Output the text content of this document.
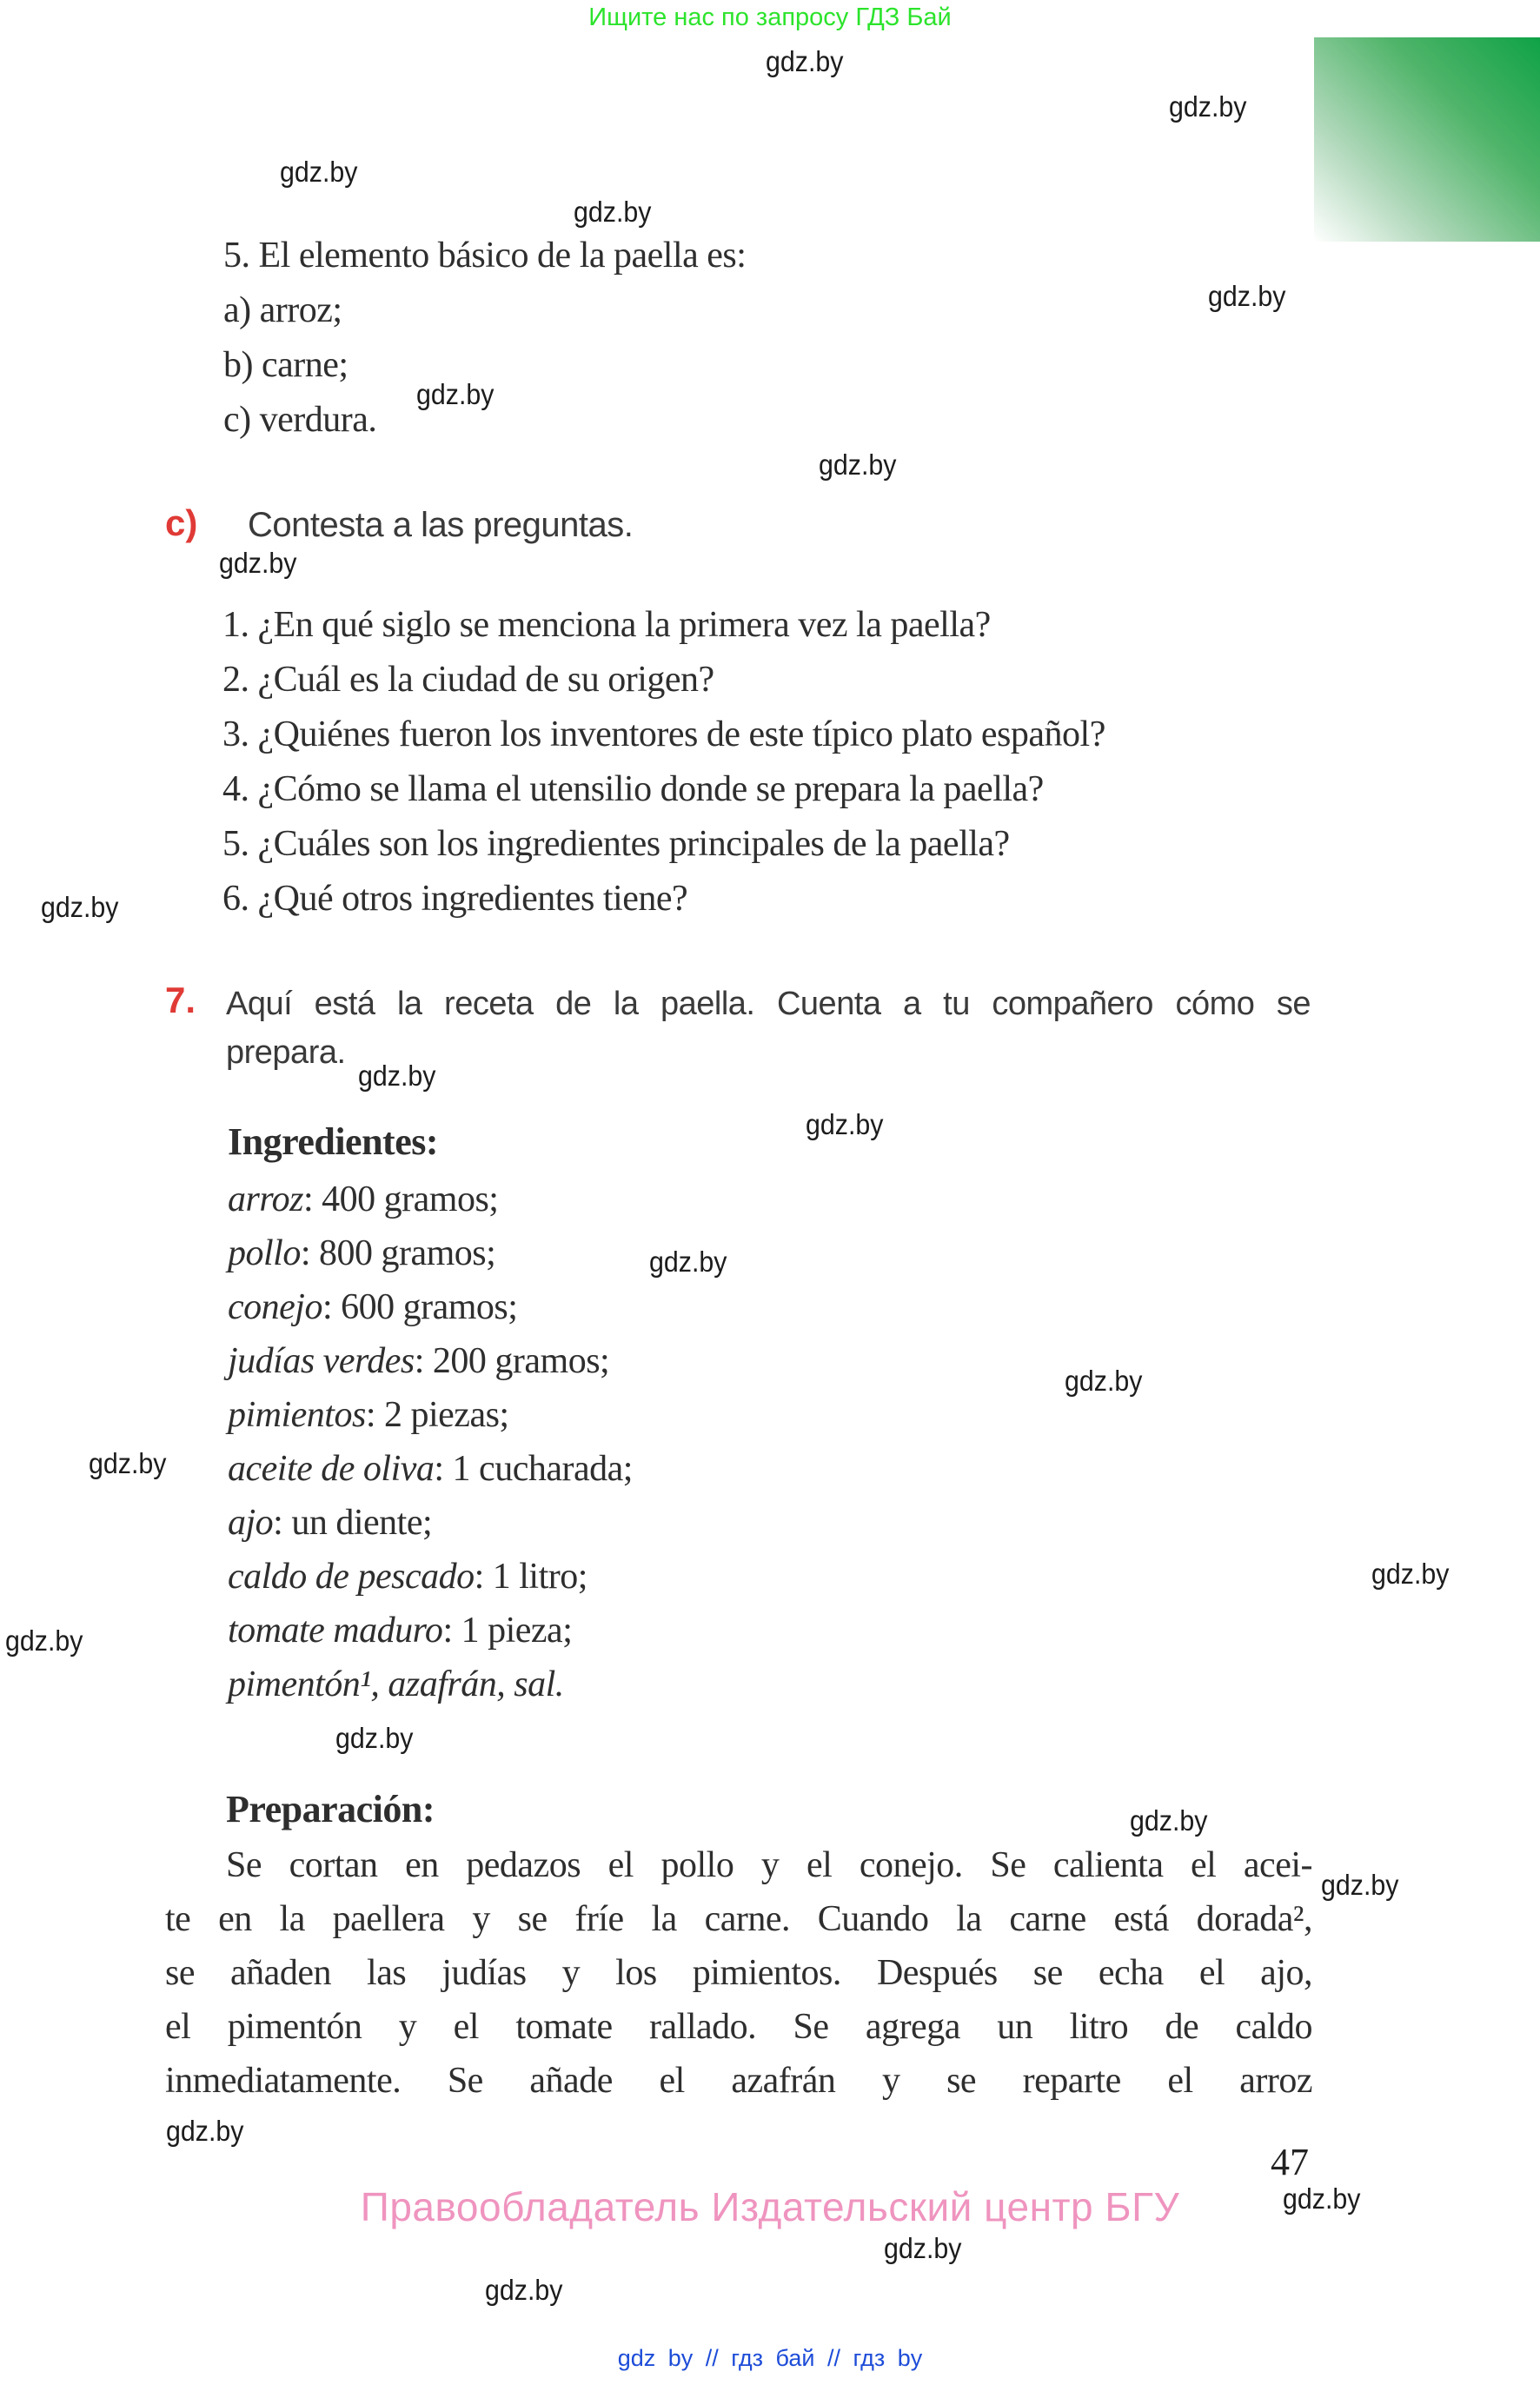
Ищите нас по запросу ГДЗ Бай
5. El elemento básico de la paella es:
a) arroz;
b) carne;
c) verdura.
c) Contesta a las preguntas.
1. ¿En qué siglo se menciona la primera vez la paella?
2. ¿Cuál es la ciudad de su origen?
3. ¿Quiénes fueron los inventores de este típico plato español?
4. ¿Cómo se llama el utensilio donde se prepara la paella?
5. ¿Cuáles son los ingredientes principales de la paella?
6. ¿Qué otros ingredientes tiene?
7. Aquí está la receta de la paella. Cuenta a tu compañero cómo se
prepara.
Ingredientes:
arroz: 400 gramos;
pollo: 800 gramos;
conejo: 600 gramos;
judías verdes: 200 gramos;
pimientos: 2 piezas;
aceite de oliva: 1 cucharada;
ajo: un diente;
caldo de pescado: 1 litro;
tomate maduro: 1 pieza;
pimentón¹, azafrán, sal.
Preparación:
Se cortan en pedazos el pollo y el conejo. Se calienta el acei-
te en la paellera y se fríe la carne. Cuando la carne está dorada²,
se añaden las judías y los pimientos. Después se echa el ajo,
el pimentón y el tomate rallado. Se agrega un litro de caldo
inmediatamente. Se añade el azafrán y se reparte el arroz
47
Правообладатель Издательский центр БГУ
gdz by // гдз бай // гдз by
gdz.by
gdz.by
gdz.by
gdz.by
gdz.by
gdz.by
gdz.by
gdz.by
gdz.by
gdz.by
gdz.by
gdz.by
gdz.by
gdz.by
gdz.by
gdz.by
gdz.by
gdz.by
gdz.by
gdz.by
gdz.by
gdz.by
gdz.by
